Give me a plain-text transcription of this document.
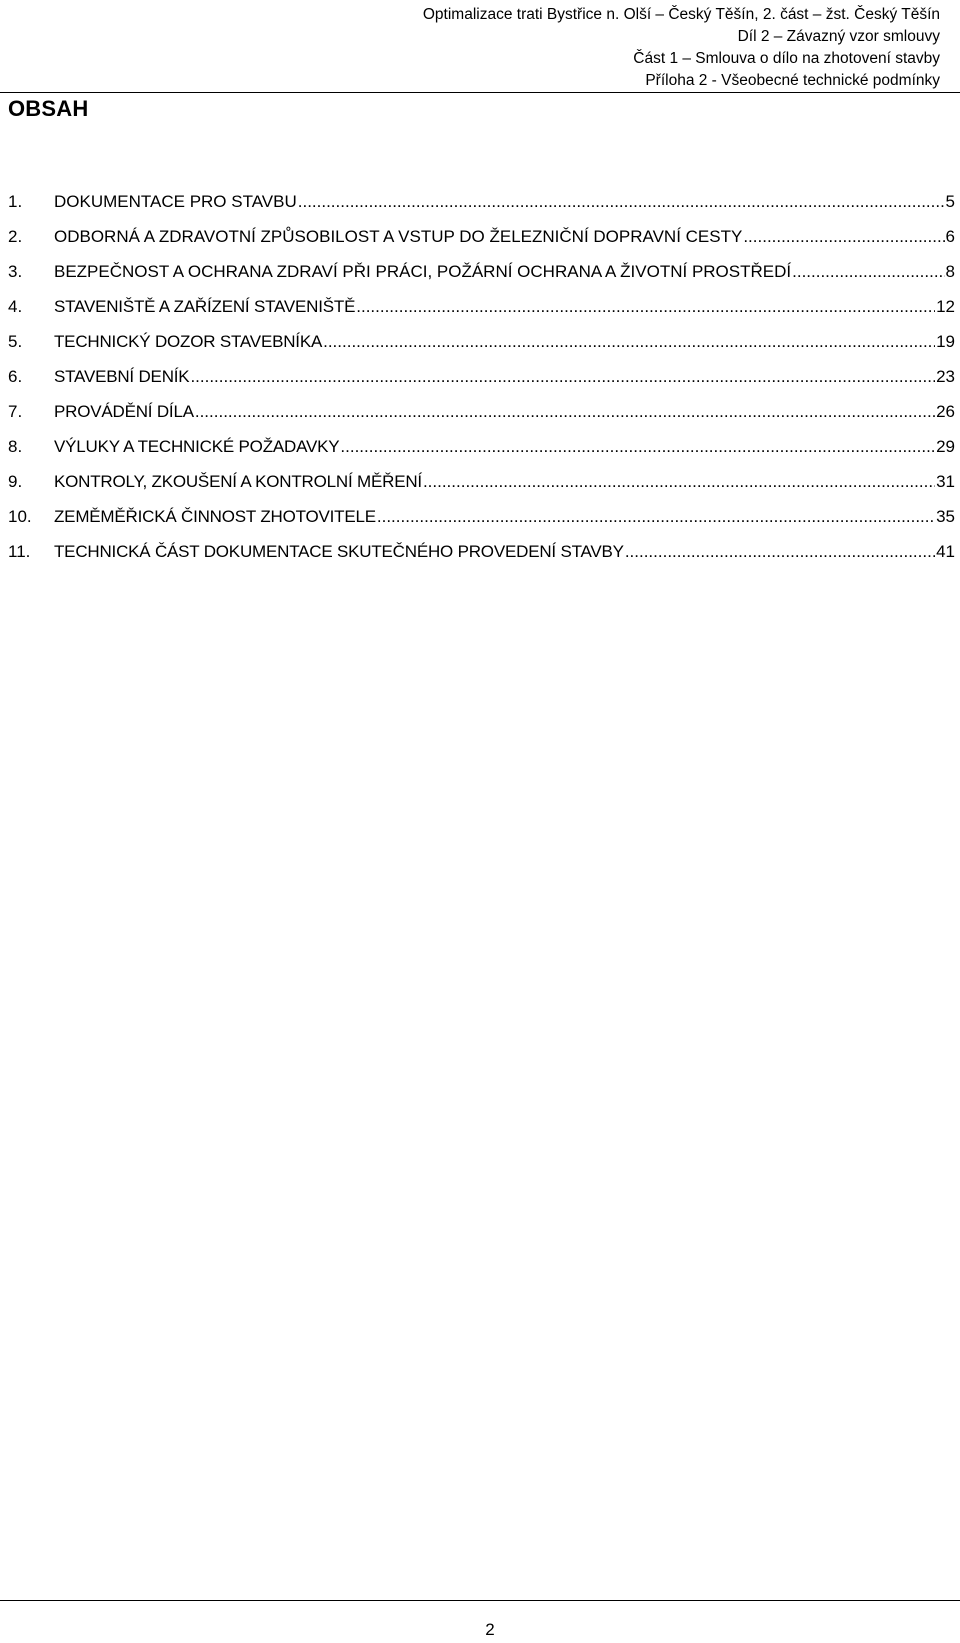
Optimalizace trati Bystřice n. Olší – Český Těšín, 2. část – žst. Český Těšín
Díl 2 – Závazný vzor smlouvy
Část 1 – Smlouva o dílo na zhotovení stavby
Příloha 2 - Všeobecné technické podmínky
OBSAH
1.	DOKUMENTACE PRO STAVBU .....	5
2.	ODBORNÁ A ZDRAVOTNÍ ZPŮSOBILOST A VSTUP DO ŽELEZNIČNÍ DOPRAVNÍ CESTY .....	6
3.	BEZPEČNOST A OCHRANA ZDRAVÍ PŘI PRÁCI, POŽÁRNÍ OCHRANA A ŽIVOTNÍ PROSTŘEDÍ .....	8
4.	STAVENIŠTĚ A ZAŘÍZENÍ STAVENIŠTĚ .....	12
5.	TECHNICKÝ DOZOR STAVEBNÍKA .....	19
6.	STAVEBNÍ DENÍK .....	23
7.	PROVÁDĚNÍ DÍLA .....	26
8.	VÝLUKY A TECHNICKÉ POŽADAVKY .....	29
9.	KONTROLY, ZKOUŠENÍ A KONTROLNÍ MĚŘENÍ .....	31
10.	ZEMĚMĚŘICKÁ ČINNOST ZHOTOVITELE .....	35
11.	TECHNICKÁ ČÁST DOKUMENTACE SKUTEČNÉHO PROVEDENÍ STAVBY .....	41
2
